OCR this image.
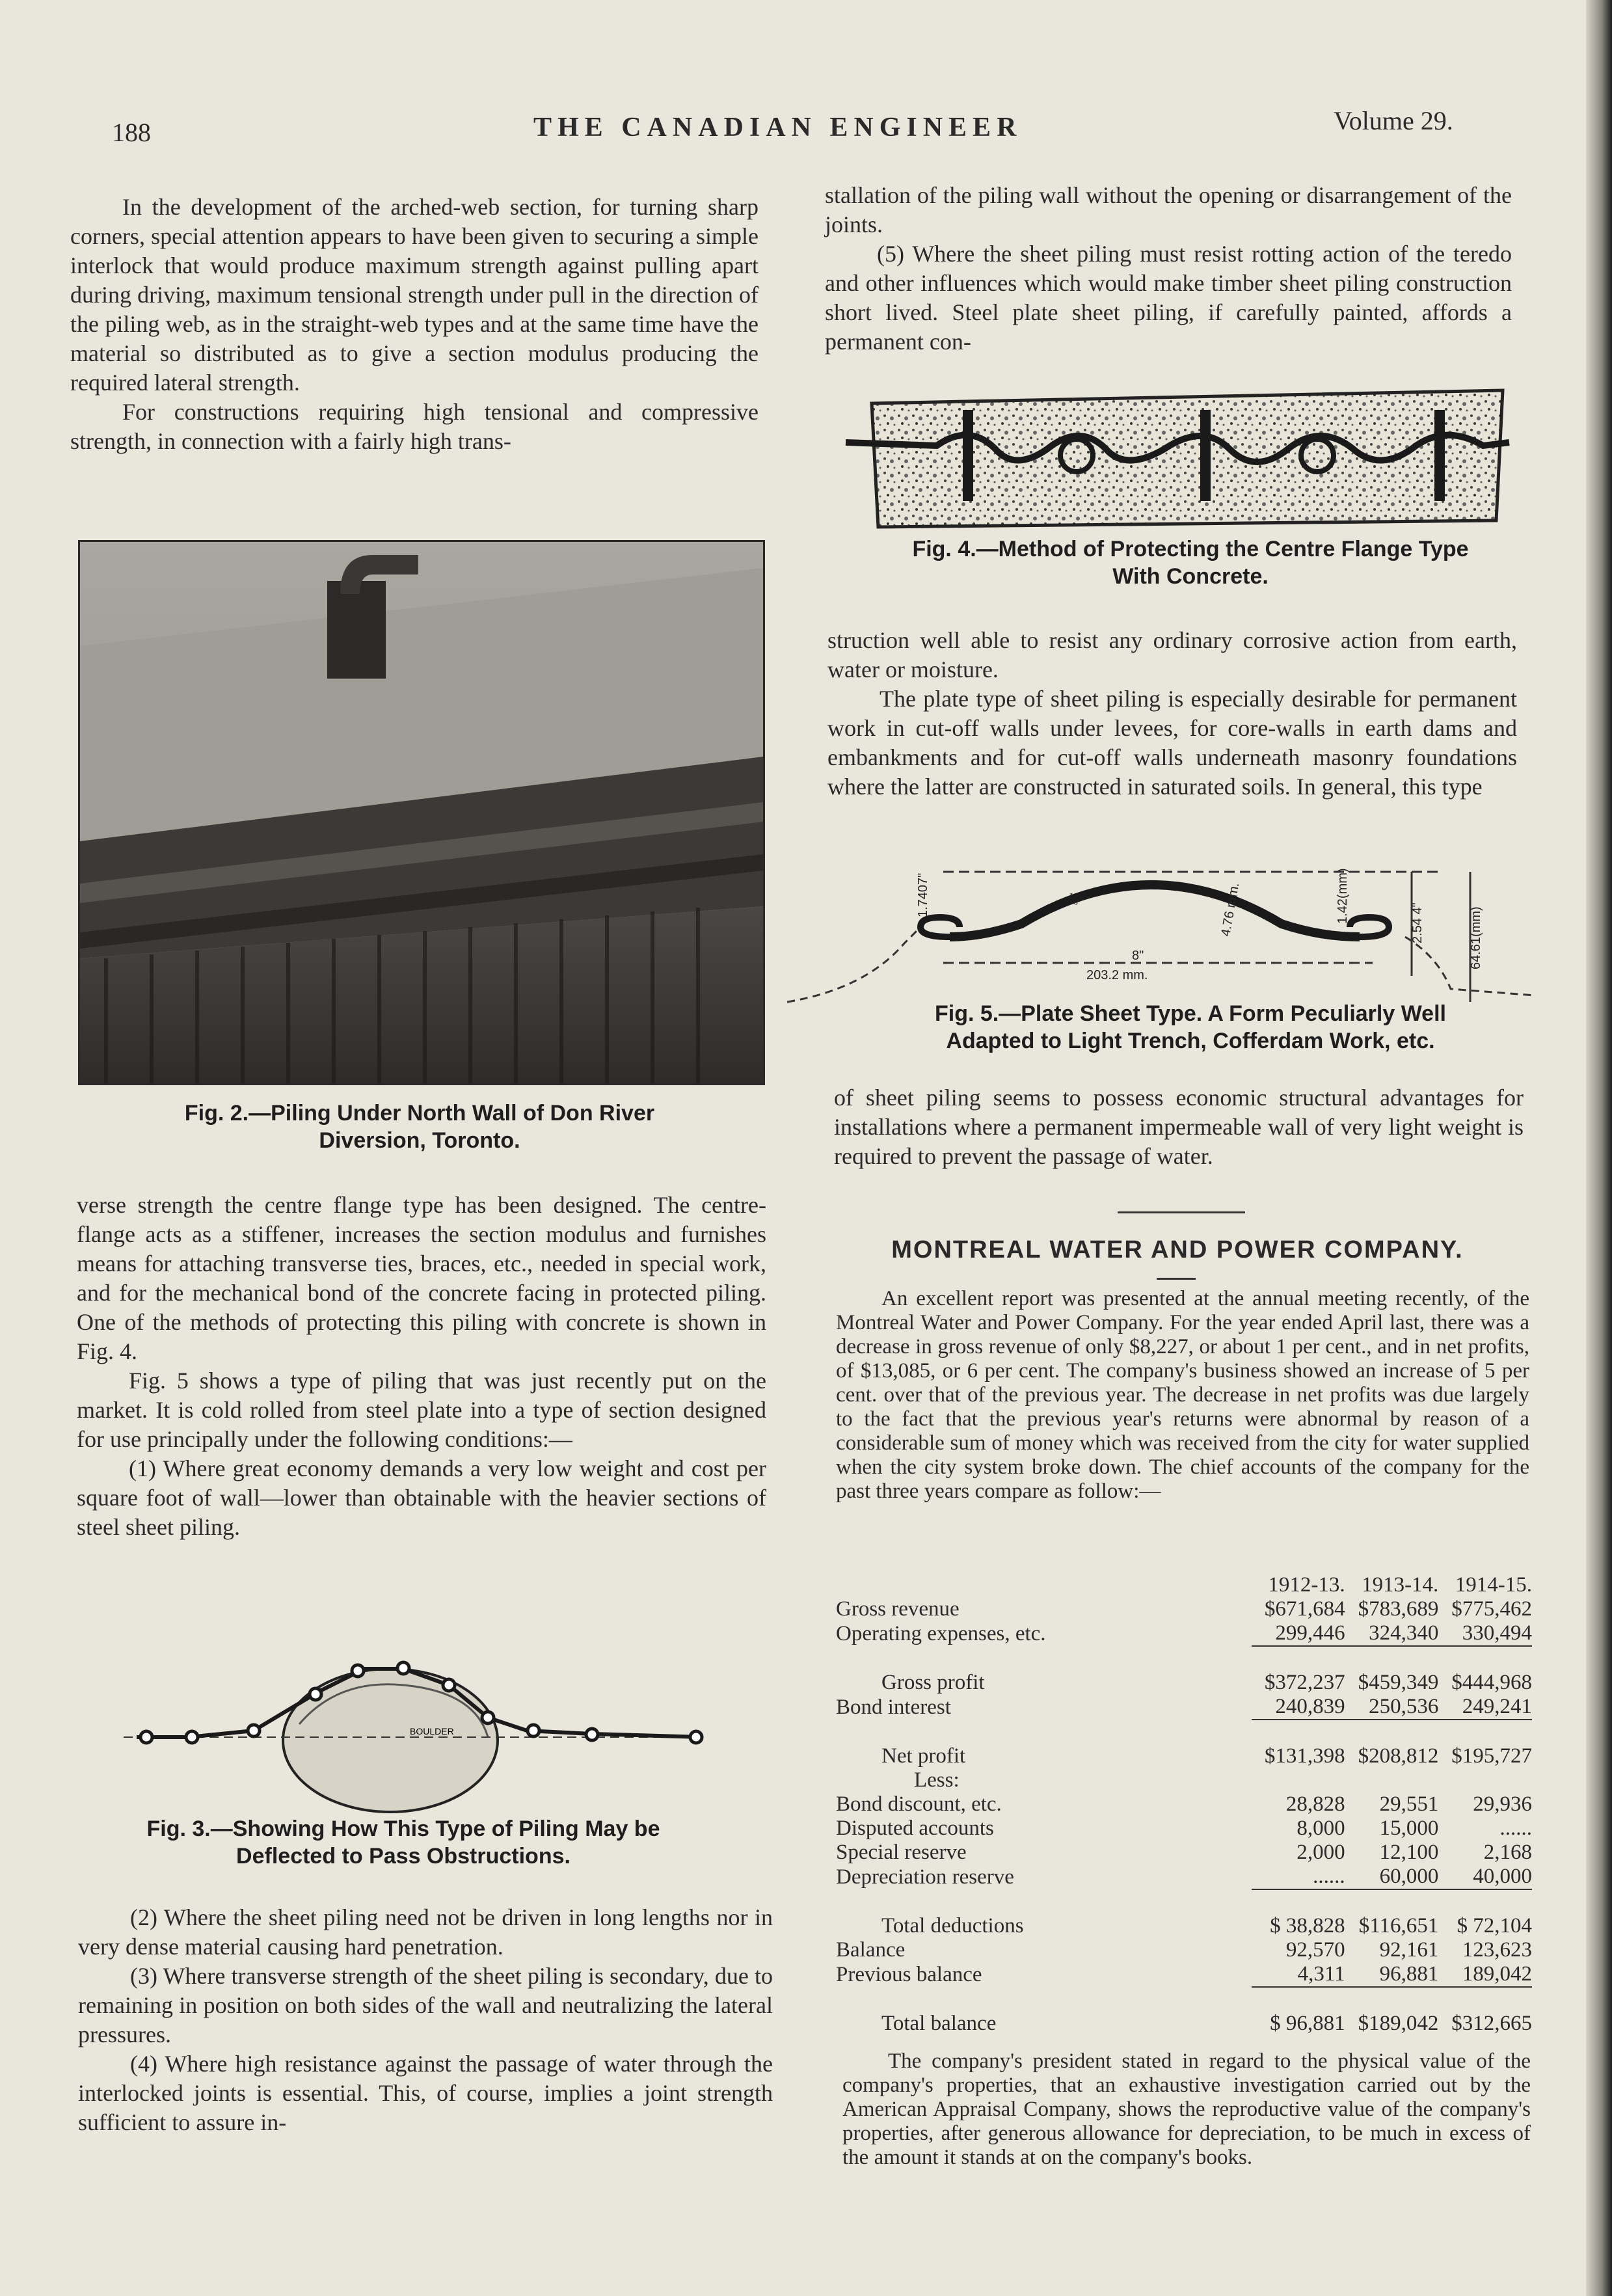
188	THE CANADIAN ENGINEER	Volume 29.

In the development of the arched-web section, for turning sharp corners, special attention appears to have been given to securing a simple interlock that would produce maximum strength against pulling apart during driving, maximum tensional strength under pull in the direction of the piling web, as in the straight-web types and at the same time have the material so distributed as to give a section modulus producing the required lateral strength.

For constructions requiring high tensional and compressive strength, in connection with a fairly high trans-

Fig. 2.—Piling Under North Wall of Don River
Diversion, Toronto.

verse strength the centre flange type has been designed. The centre-flange acts as a stiffener, increases the section modulus and furnishes means for attaching transverse ties, braces, etc., needed in special work, and for the mechanical bond of the concrete facing in protected piling. One of the methods of protecting this piling with concrete is shown in Fig. 4.

Fig. 5 shows a type of piling that was just recently put on the market. It is cold rolled from steel plate into a type of section designed for use principally under the following conditions:—

(1) Where great economy demands a very low weight and cost per square foot of wall—lower than obtainable with the heavier sections of steel sheet piling.

BOULDER
Fig. 3.—Showing How This Type of Piling May be
Deflected to Pass Obstructions.

(2) Where the sheet piling need not be driven in long lengths nor in very dense material causing hard penetration.

(3) Where transverse strength of the sheet piling is secondary, due to remaining in position on both sides of the wall and neutralizing the lateral pressures.

(4) Where high resistance against the passage of water through the interlocked joints is essential. This, of course, implies a joint strength sufficient to assure in-

stallation of the piling wall without the opening or disarrangement of the joints.

(5) Where the sheet piling must resist rotting action of the teredo and other influences which would make timber sheet piling construction short lived. Steel plate sheet piling, if carefully painted, affords a permanent con-

Fig. 4.—Method of Protecting the Centre Flange Type
With Concrete.

struction well able to resist any ordinary corrosive action from earth, water or moisture.

The plate type of sheet piling is especially desirable for permanent work in cut-off walls under levees, for core-walls in earth dams and embankments and for cut-off walls underneath masonry foundations where the latter are constructed in saturated soils. In general, this type

1.7407"	⅛"	4.76 mm.	1.42(mm)	2.54 4"	64.61(mm)
8"
203.2 mm.
Fig. 5.—Plate Sheet Type. A Form Peculiarly Well
Adapted to Light Trench, Cofferdam Work, etc.

of sheet piling seems to possess economic structural advantages for installations where a permanent impermeable wall of very light weight is required to prevent the passage of water.

MONTREAL WATER AND POWER COMPANY.

An excellent report was presented at the annual meeting recently, of the Montreal Water and Power Company. For the year ended April last, there was a decrease in gross revenue of only $8,227, or about 1 per cent., and in net profits, of $13,085, or 6 per cent. The company's business showed an increase of 5 per cent. over that of the previous year. The decrease in net profits was due largely to the fact that the previous year's returns were abnormal by reason of a considerable sum of money which was received from the city for water supplied when the city system broke down. The chief accounts of the company for the past three years compare as follow:—

	1912-13.	1913-14.	1914-15.
Gross revenue	$671,684	$783,689	$775,462
Operating expenses, etc.	299,446	324,340	330,494

Gross profit	$372,237	$459,349	$444,968
Bond interest	240,839	250,536	249,241

Net profit	$131,398	$208,812	$195,727
Less:			
Bond discount, etc.	28,828	29,551	29,936
Disputed accounts	8,000	15,000	......
Special reserve	2,000	12,100	2,168
Depreciation reserve	......	60,000	40,000

Total deductions	$ 38,828	$116,651	$ 72,104
Balance	92,570	92,161	123,623
Previous balance	4,311	96,881	189,042

Total balance	$ 96,881	$189,042	$312,665

The company's president stated in regard to the physical value of the company's properties, that an exhaustive investigation carried out by the American Appraisal Company, shows the reproductive value of the company's properties, after generous allowance for depreciation, to be much in excess of the amount it stands at on the company's books.
